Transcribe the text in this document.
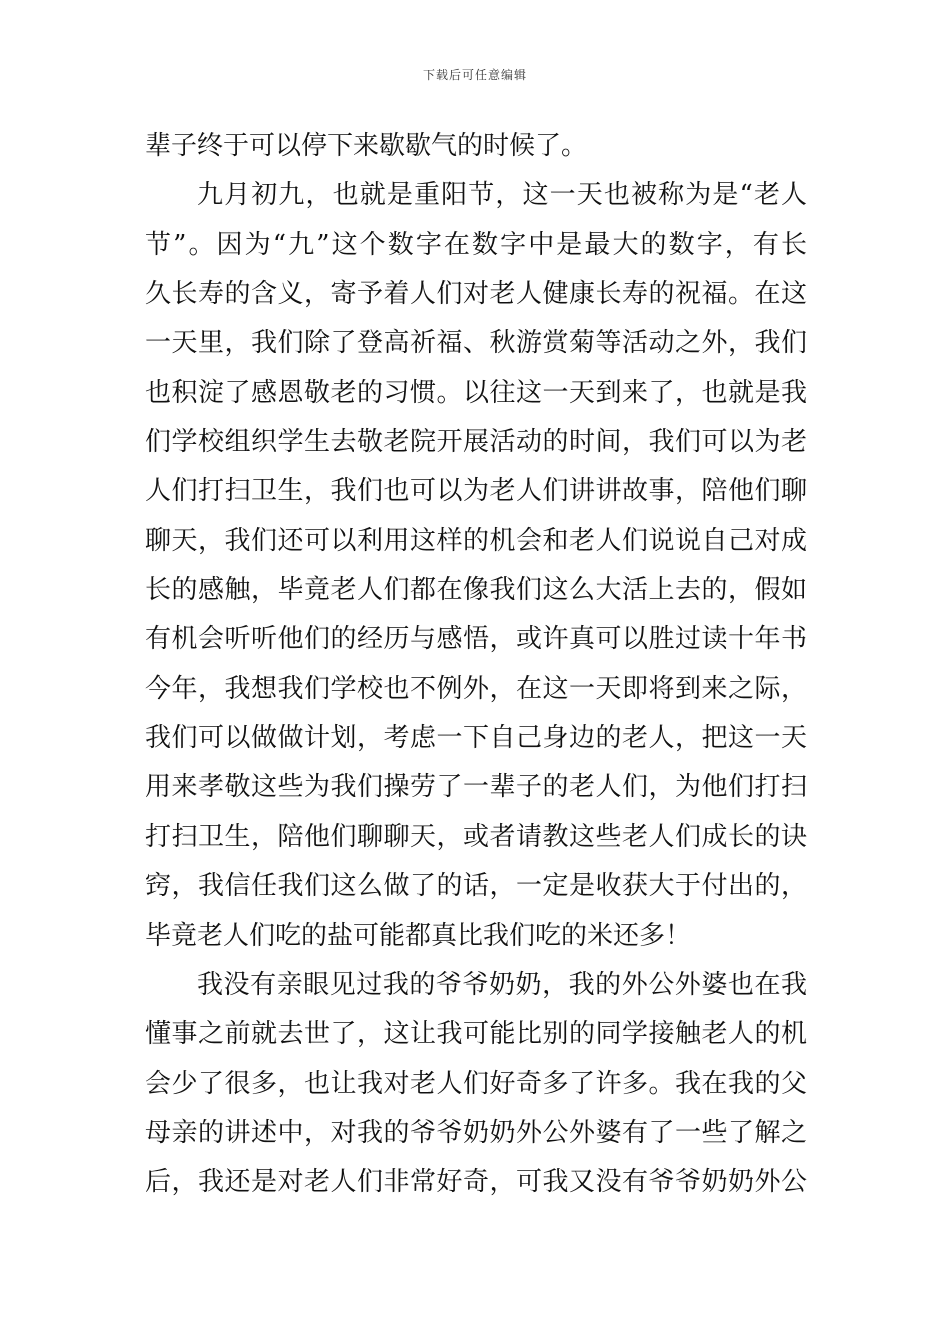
下载后可任意编辑
辈子终于可以停下来歇歇气的时候了。
九月初九，也就是重阳节，这一天也被称为是“老人
节”。因为“九”这个数字在数字中是最大的数字，有长
久长寿的含义，寄予着人们对老人健康长寿的祝福。在这
一天里，我们除了登高祈福、秋游赏菊等活动之外，我们
也积淀了感恩敬老的习惯。以往这一天到来了，也就是我
们学校组织学生去敬老院开展活动的时间，我们可以为老
人们打扫卫生，我们也可以为老人们讲讲故事，陪他们聊
聊天，我们还可以利用这样的机会和老人们说说自己对成
长的感触，毕竟老人们都在像我们这么大活上去的，假如
有机会听听他们的经历与感悟，或许真可以胜过读十年书
今年，我想我们学校也不例外，在这一天即将到来之际，
我们可以做做计划，考虑一下自己身边的老人，把这一天
用来孝敬这些为我们操劳了一辈子的老人们，为他们打扫
打扫卫生，陪他们聊聊天，或者请教这些老人们成长的诀
窍，我信任我们这么做了的话，一定是收获大于付出的，
毕竟老人们吃的盐可能都真比我们吃的米还多！
我没有亲眼见过我的爷爷奶奶，我的外公外婆也在我
懂事之前就去世了，这让我可能比别的同学接触老人的机
会少了很多，也让我对老人们好奇多了许多。我在我的父
母亲的讲述中，对我的爷爷奶奶外公外婆有了一些了解之
后，我还是对老人们非常好奇，可我又没有爷爷奶奶外公
